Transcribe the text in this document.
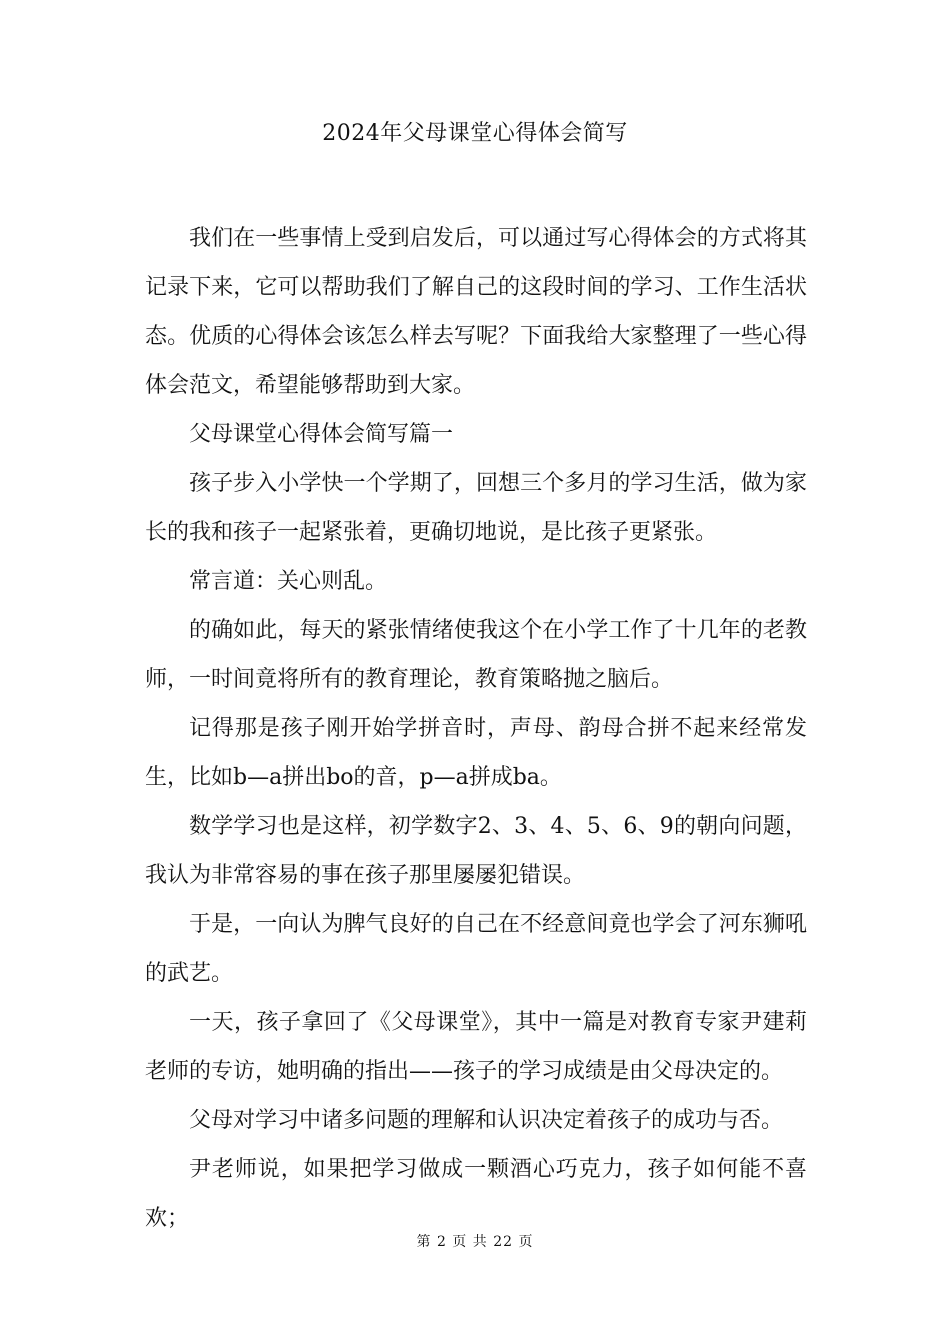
2024年父母课堂心得体会简写

我们在一些事情上受到启发后，可以通过写心得体会的方式将其记录下来，它可以帮助我们了解自己的这段时间的学习、工作生活状态。优质的心得体会该怎么样去写呢？下面我给大家整理了一些心得体会范文，希望能够帮助到大家。

父母课堂心得体会简写篇一

孩子步入小学快一个学期了，回想三个多月的学习生活，做为家长的我和孩子一起紧张着，更确切地说，是比孩子更紧张。

常言道：关心则乱。

的确如此，每天的紧张情绪使我这个在小学工作了十几年的老教师，一时间竟将所有的教育理论，教育策略抛之脑后。

记得那是孩子刚开始学拼音时，声母、韵母合拼不起来经常发生，比如b—a拼出bo的音，p—a拼成ba。

数学学习也是这样，初学数字2、3、4、5、6、9的朝向问题，我认为非常容易的事在孩子那里屡屡犯错误。

于是，一向认为脾气良好的自己在不经意间竟也学会了河东狮吼的武艺。

一天，孩子拿回了《父母课堂》，其中一篇是对教育专家尹建莉老师的专访，她明确的指出——孩子的学习成绩是由父母决定的。

父母对学习中诸多问题的理解和认识决定着孩子的成功与否。

尹老师说，如果把学习做成一颗酒心巧克力，孩子如何能不喜欢；

第 2 页 共 22 页
